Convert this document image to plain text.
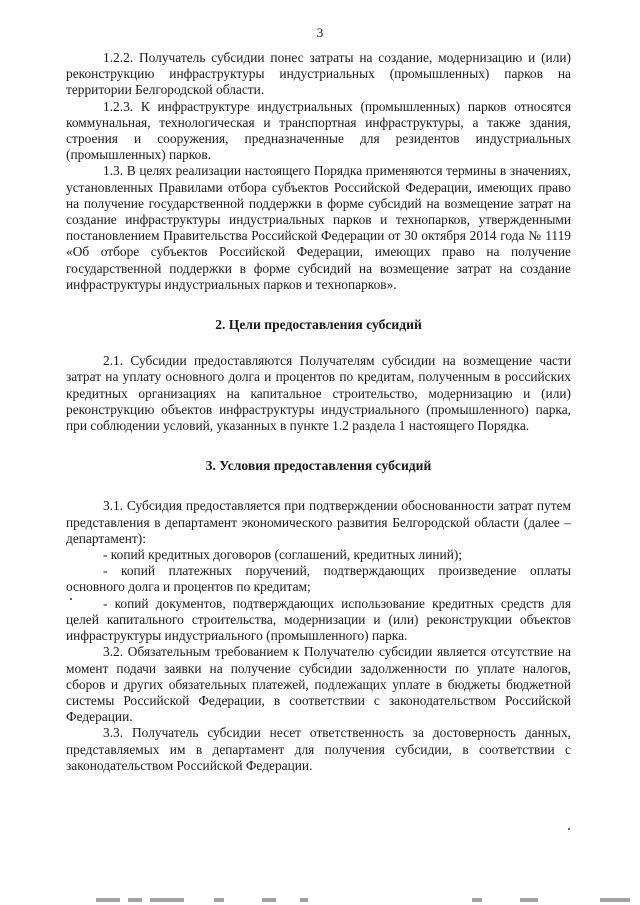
3

1.2.2. Получатель субсидии понес затраты на создание, модернизацию и (или) реконструкцию инфраструктуры индустриальных (промышленных) парков на территории Белгородской области.

1.2.3. К инфраструктуре индустриальных (промышленных) парков относятся коммунальная, технологическая и транспортная инфраструктуры, а также здания, строения и сооружения, предназначенные для резидентов индустриальных (промышленных) парков.

1.3. В целях реализации настоящего Порядка применяются термины в значениях, установленных Правилами отбора субъектов Российской Федерации, имеющих право на получение государственной поддержки в форме субсидий на возмещение затрат на создание инфраструктуры индустриальных парков и технопарков, утвержденными постановлением Правительства Российской Федерации от 30 октября 2014 года № 1119 «Об отборе субъектов Российской Федерации, имеющих право на получение государственной поддержки в форме субсидий на возмещение затрат на создание инфраструктуры индустриальных парков и технопарков».

2. Цели предоставления субсидий

2.1. Субсидии предоставляются Получателям субсидии на возмещение части затрат на уплату основного долга и процентов по кредитам, полученным в российских кредитных организациях на капитальное строительство, модернизацию и (или) реконструкцию объектов инфраструктуры индустриального (промышленного) парка, при соблюдении условий, указанных в пункте 1.2 раздела 1 настоящего Порядка.

3. Условия предоставления субсидий

3.1. Субсидия предоставляется при подтверждении обоснованности затрат путем представления в департамент экономического развития Белгородской области (далее – департамент):

- копий кредитных договоров (соглашений, кредитных линий);

- копий платежных поручений, подтверждающих произведение оплаты основного долга и процентов по кредитам;

- копий документов, подтверждающих использование кредитных средств для целей капитального строительства, модернизации и (или) реконструкции объектов инфраструктуры индустриального (промышленного) парка.

3.2. Обязательным требованием к Получателю субсидии является отсутствие на момент подачи заявки на получение субсидии задолженности по уплате налогов, сборов и других обязательных платежей, подлежащих уплате в бюджеты бюджетной системы Российской Федерации, в соответствии с законодательством Российской Федерации.

3.3. Получатель субсидии несет ответственность за достоверность данных, представляемых им в департамент для получения субсидии, в соответствии с законодательством Российской Федерации.
